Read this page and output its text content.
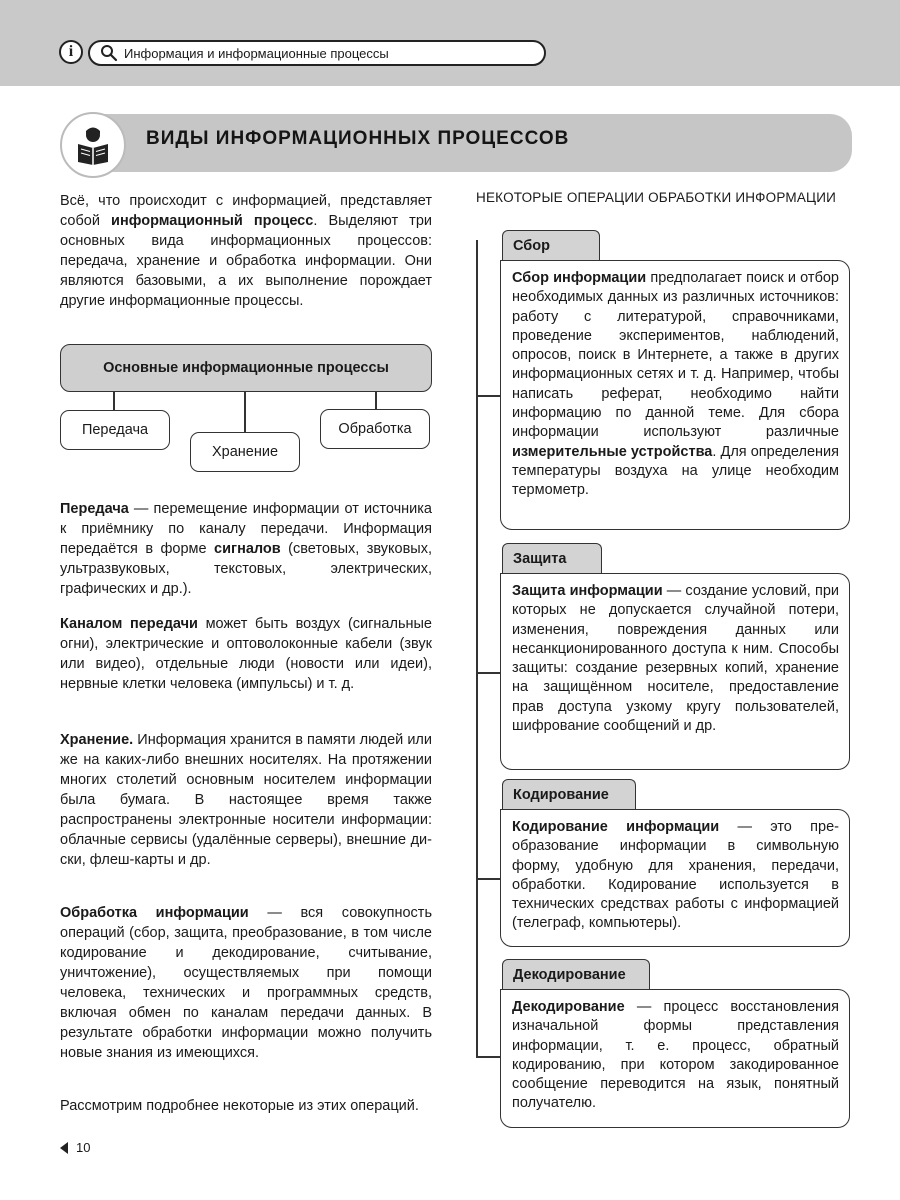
i	Информация и информационные процессы
ВИДЫ ИНФОРМАЦИОННЫХ ПРОЦЕССОВ
Всё, что происходит с информацией, представляет собой информационный процесс. Выделяют три основных вида информационных процессов: передача, хранение и обработка информации. Они являются базовыми, а их выполнение порождает другие информационные процессы.
Основные информационные процессы
Передача
Хранение
Обработка
Передача — перемещение информации от источника к приёмнику по каналу передачи. Информация передаётся в форме сигналов (световых, звуковых, ультразвуковых, текстовых, электрических, графических и др.).
Каналом передачи может быть воздух (сигнальные огни), электрические и оптоволоконные кабели (звук или видео), отдельные люди (новости или идеи), нервные клетки человека (импульсы) и т. д.
Хранение. Информация хранится в памяти людей или же на каких-либо внешних носителях. На протяжении многих столетий основным носителем информации была бумага. В настоящее время также распространены электронные носители информации: облачные сервисы (удалённые серверы), внешние диски, флеш-карты и др.
Обработка информации — вся совокупность операций (сбор, защита, преобразование, в том числе кодирование и декодирование, считывание, уничтожение), осуществляемых при помощи человека, технических и программных средств, включая обмен по каналам передачи данных. В результате обработки информации можно получить новые знания из имеющихся.
Рассмотрим подробнее некоторые из этих операций.
НЕКОТОРЫЕ ОПЕРАЦИИ ОБРАБОТКИ ИНФОРМАЦИИ
Сбор
Сбор информации предполагает поиск и отбор необходимых данных из различных источников: работу с литературой, справочниками, проведение экспериментов, наблюдений, опросов, поиск в Интернете, а также в других информационных сетях и т. д. Например, чтобы написать реферат, необходимо найти информацию по данной теме. Для сбора информации используют различные измерительные устройства. Для определения температуры воздуха на улице необходим термометр.
Защита
Защита информации — создание условий, при которых не допускается случайной потери, изменения, повреждения данных или несанкционированного доступа к ним. Способы защиты: создание резервных копий, хранение на защищённом носителе, предоставление прав доступа узкому кругу пользователей, шифрование сообщений и др.
Кодирование
Кодирование информации — это преобразование информации в символьную форму, удобную для хранения, передачи, обработки. Кодирование используется в технических средствах работы с информацией (телеграф, компьютеры).
Декодирование
Декодирование — процесс восстановления изначальной формы представления информации, т. е. процесс, обратный кодированию, при котором закодированное сообщение переводится на язык, понятный получателю.
10
